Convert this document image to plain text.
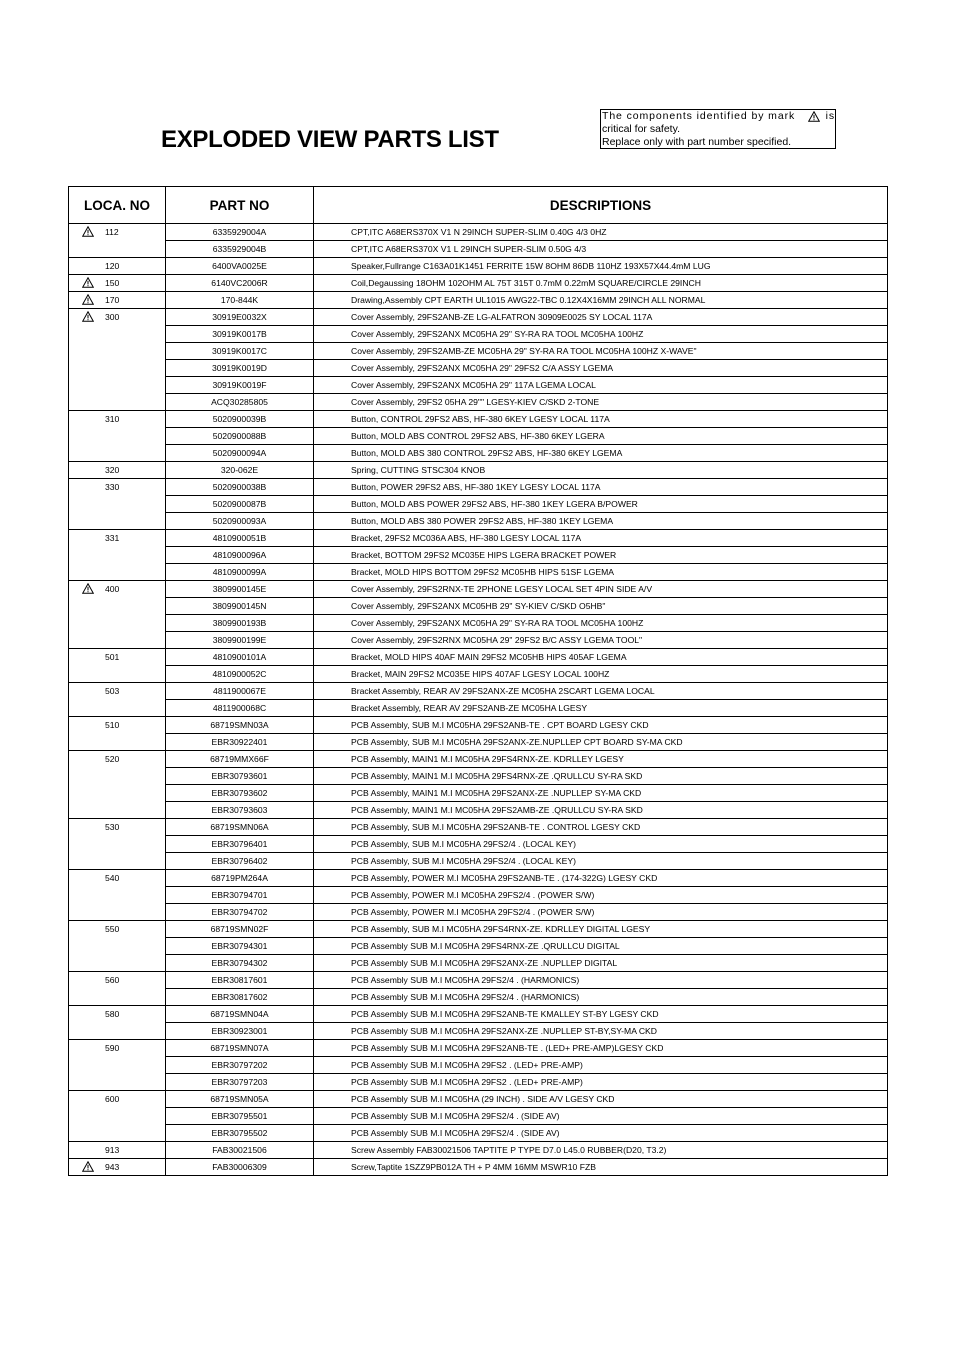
EXPLODED VIEW PARTS LIST
The components identified by mark	is
critical for safety.
Replace only with part number specified.
LOCA. NO	PART NO	DESCRIPTIONS

112	6335929004A	CPT,ITC A68ERS370X V1 N 29INCH SUPER-SLIM 0.40G 4/3 0HZ
	6335929004B	CPT,ITC A68ERS370X V1 L 29INCH SUPER-SLIM 0.50G 4/3

120	6400VA0025E	Speaker,Fullrange C163A01K1451 FERRITE 15W 8OHM 86DB 110HZ 193X57X44.4mM LUG

150	6140VC2006R	Coil,Degaussing 18OHM 102OHM AL 75T 315T 0.7mM 0.22mM SQUARE/CIRCLE 29INCH

170	170-844K	Drawing,Assembly CPT EARTH UL1015 AWG22-TBC 0.12X4X16MM 29INCH ALL NORMAL

300	30919E0032X	Cover Assembly, 29FS2ANB-ZE LG-ALFATRON 30909E0025 SY LOCAL 117A
	30919K0017B	Cover Assembly, 29FS2ANX MC05HA 29" SY-RA RA TOOL MC05HA 100HZ
	30919K0017C	Cover Assembly, 29FS2AMB-ZE MC05HA 29" SY-RA RA TOOL MC05HA 100HZ X-WAVE"
	30919K0019D	Cover Assembly, 29FS2ANX MC05HA 29" 29FS2 C/A ASSY LGEMA
	30919K0019F	Cover Assembly, 29FS2ANX MC05HA 29" 117A LGEMA LOCAL
	ACQ30285805	Cover Assembly, 29FS2 05HA 29"" LGESY-KIEV C/SKD 2-TONE

310	5020900039B	Button, CONTROL 29FS2 ABS, HF-380 6KEY LGESY LOCAL 117A
	5020900088B	Button, MOLD ABS CONTROL 29FS2 ABS, HF-380 6KEY LGERA
	5020900094A	Button, MOLD ABS 380 CONTROL 29FS2 ABS, HF-380 6KEY LGEMA

320	320-062E	Spring, CUTTING STSC304 KNOB

330	5020900038B	Button, POWER 29FS2 ABS, HF-380 1KEY LGESY LOCAL 117A
	5020900087B	Button, MOLD ABS POWER 29FS2 ABS, HF-380 1KEY LGERA B/POWER
	5020900093A	Button, MOLD ABS 380 POWER 29FS2 ABS, HF-380 1KEY LGEMA

331	4810900051B	Bracket, 29FS2 MC036A ABS, HF-380 LGESY LOCAL 117A
	4810900096A	Bracket, BOTTOM 29FS2 MC035E HIPS LGERA BRACKET POWER
	4810900099A	Bracket, MOLD HIPS BOTTOM 29FS2 MC05HB HIPS 51SF LGEMA

400	3809900145E	Cover Assembly, 29FS2RNX-TE 2PHONE LGESY LOCAL SET 4PIN SIDE A/V
	3809900145N	Cover Assembly, 29FS2ANX MC05HB 29" SY-KIEV C/SKD O5HB"
	3809900193B	Cover Assembly, 29FS2ANX MC05HA 29" SY-RA RA TOOL MC05HA 100HZ
	3809900199E	Cover Assembly, 29FS2RNX MC05HA 29" 29FS2 B/C ASSY LGEMA TOOL"

501	4810900101A	Bracket, MOLD HIPS 40AF MAIN 29FS2 MC05HB HIPS 405AF LGEMA
	4810900052C	Bracket, MAIN 29FS2 MC035E HIPS 407AF LGESY LOCAL 100HZ

503	4811900067E	Bracket Assembly, REAR AV 29FS2ANX-ZE MC05HA 2SCART LGEMA LOCAL
	4811900068C	Bracket Assembly, REAR AV 29FS2ANB-ZE MC05HA LGESY

510	68719SMN03A	PCB Assembly, SUB M.I MC05HA 29FS2ANB-TE . CPT BOARD LGESY CKD
	EBR30922401	PCB Assembly, SUB M.I MC05HA 29FS2ANX-ZE.NUPLLEP CPT BOARD SY-MA CKD

520	68719MMX66F	PCB Assembly, MAIN1 M.I MC05HA 29FS4RNX-ZE. KDRLLEY LGESY
	EBR30793601	PCB Assembly, MAIN1 M.I MC05HA 29FS4RNX-ZE .QRULLCU SY-RA SKD
	EBR30793602	PCB Assembly, MAIN1 M.I MC05HA 29FS2ANX-ZE .NUPLLEP SY-MA CKD
	EBR30793603	PCB Assembly, MAIN1 M.I MC05HA 29FS2AMB-ZE .QRULLCU SY-RA SKD

530	68719SMN06A	PCB Assembly, SUB M.I MC05HA 29FS2ANB-TE . CONTROL LGESY CKD
	EBR30796401	PCB Assembly, SUB M.I MC05HA 29FS2/4 . (LOCAL KEY)
	EBR30796402	PCB Assembly, SUB M.I MC05HA 29FS2/4 . (LOCAL KEY)

540	68719PM264A	PCB Assembly, POWER M.I MC05HA 29FS2ANB-TE . (174-322G) LGESY CKD
	EBR30794701	PCB Assembly, POWER M.I MC05HA 29FS2/4 . (POWER S/W)
	EBR30794702	PCB Assembly, POWER M.I MC05HA 29FS2/4 . (POWER S/W)

550	68719SMN02F	PCB Assembly, SUB M.I MC05HA 29FS4RNX-ZE. KDRLLEY DIGITAL LGESY
	EBR30794301	PCB Assembly SUB M.I MC05HA 29FS4RNX-ZE .QRULLCU DIGITAL
	EBR30794302	PCB Assembly SUB M.I MC05HA 29FS2ANX-ZE .NUPLLEP DIGITAL

560	EBR30817601	PCB Assembly SUB M.I MC05HA 29FS2/4 . (HARMONICS)
	EBR30817602	PCB Assembly SUB M.I MC05HA 29FS2/4 . (HARMONICS)

580	68719SMN04A	PCB Assembly SUB M.I MC05HA 29FS2ANB-TE KMALLEY ST-BY LGESY CKD
	EBR30923001	PCB Assembly SUB M.I MC05HA 29FS2ANX-ZE .NUPLLEP ST-BY,SY-MA CKD

590	68719SMN07A	PCB Assembly SUB M.I MC05HA 29FS2ANB-TE . (LED+ PRE-AMP)LGESY CKD
	EBR30797202	PCB Assembly SUB M.I MC05HA 29FS2 . (LED+ PRE-AMP)
	EBR30797203	PCB Assembly SUB M.I MC05HA 29FS2 . (LED+ PRE-AMP)

600	68719SMN05A	PCB Assembly SUB M.I MC05HA (29 INCH) . SIDE A/V LGESY CKD
	EBR30795501	PCB Assembly SUB M.I MC05HA 29FS2/4 . (SIDE AV)
	EBR30795502	PCB Assembly SUB M.I MC05HA 29FS2/4 . (SIDE AV)

913	FAB30021506	Screw Assembly FAB30021506 TAPTITE P TYPE D7.0 L45.0 RUBBER(D20, T3.2)

943	FAB30006309	Screw,Taptite 1SZZ9PB012A TH + P 4MM 16MM MSWR10 FZB
